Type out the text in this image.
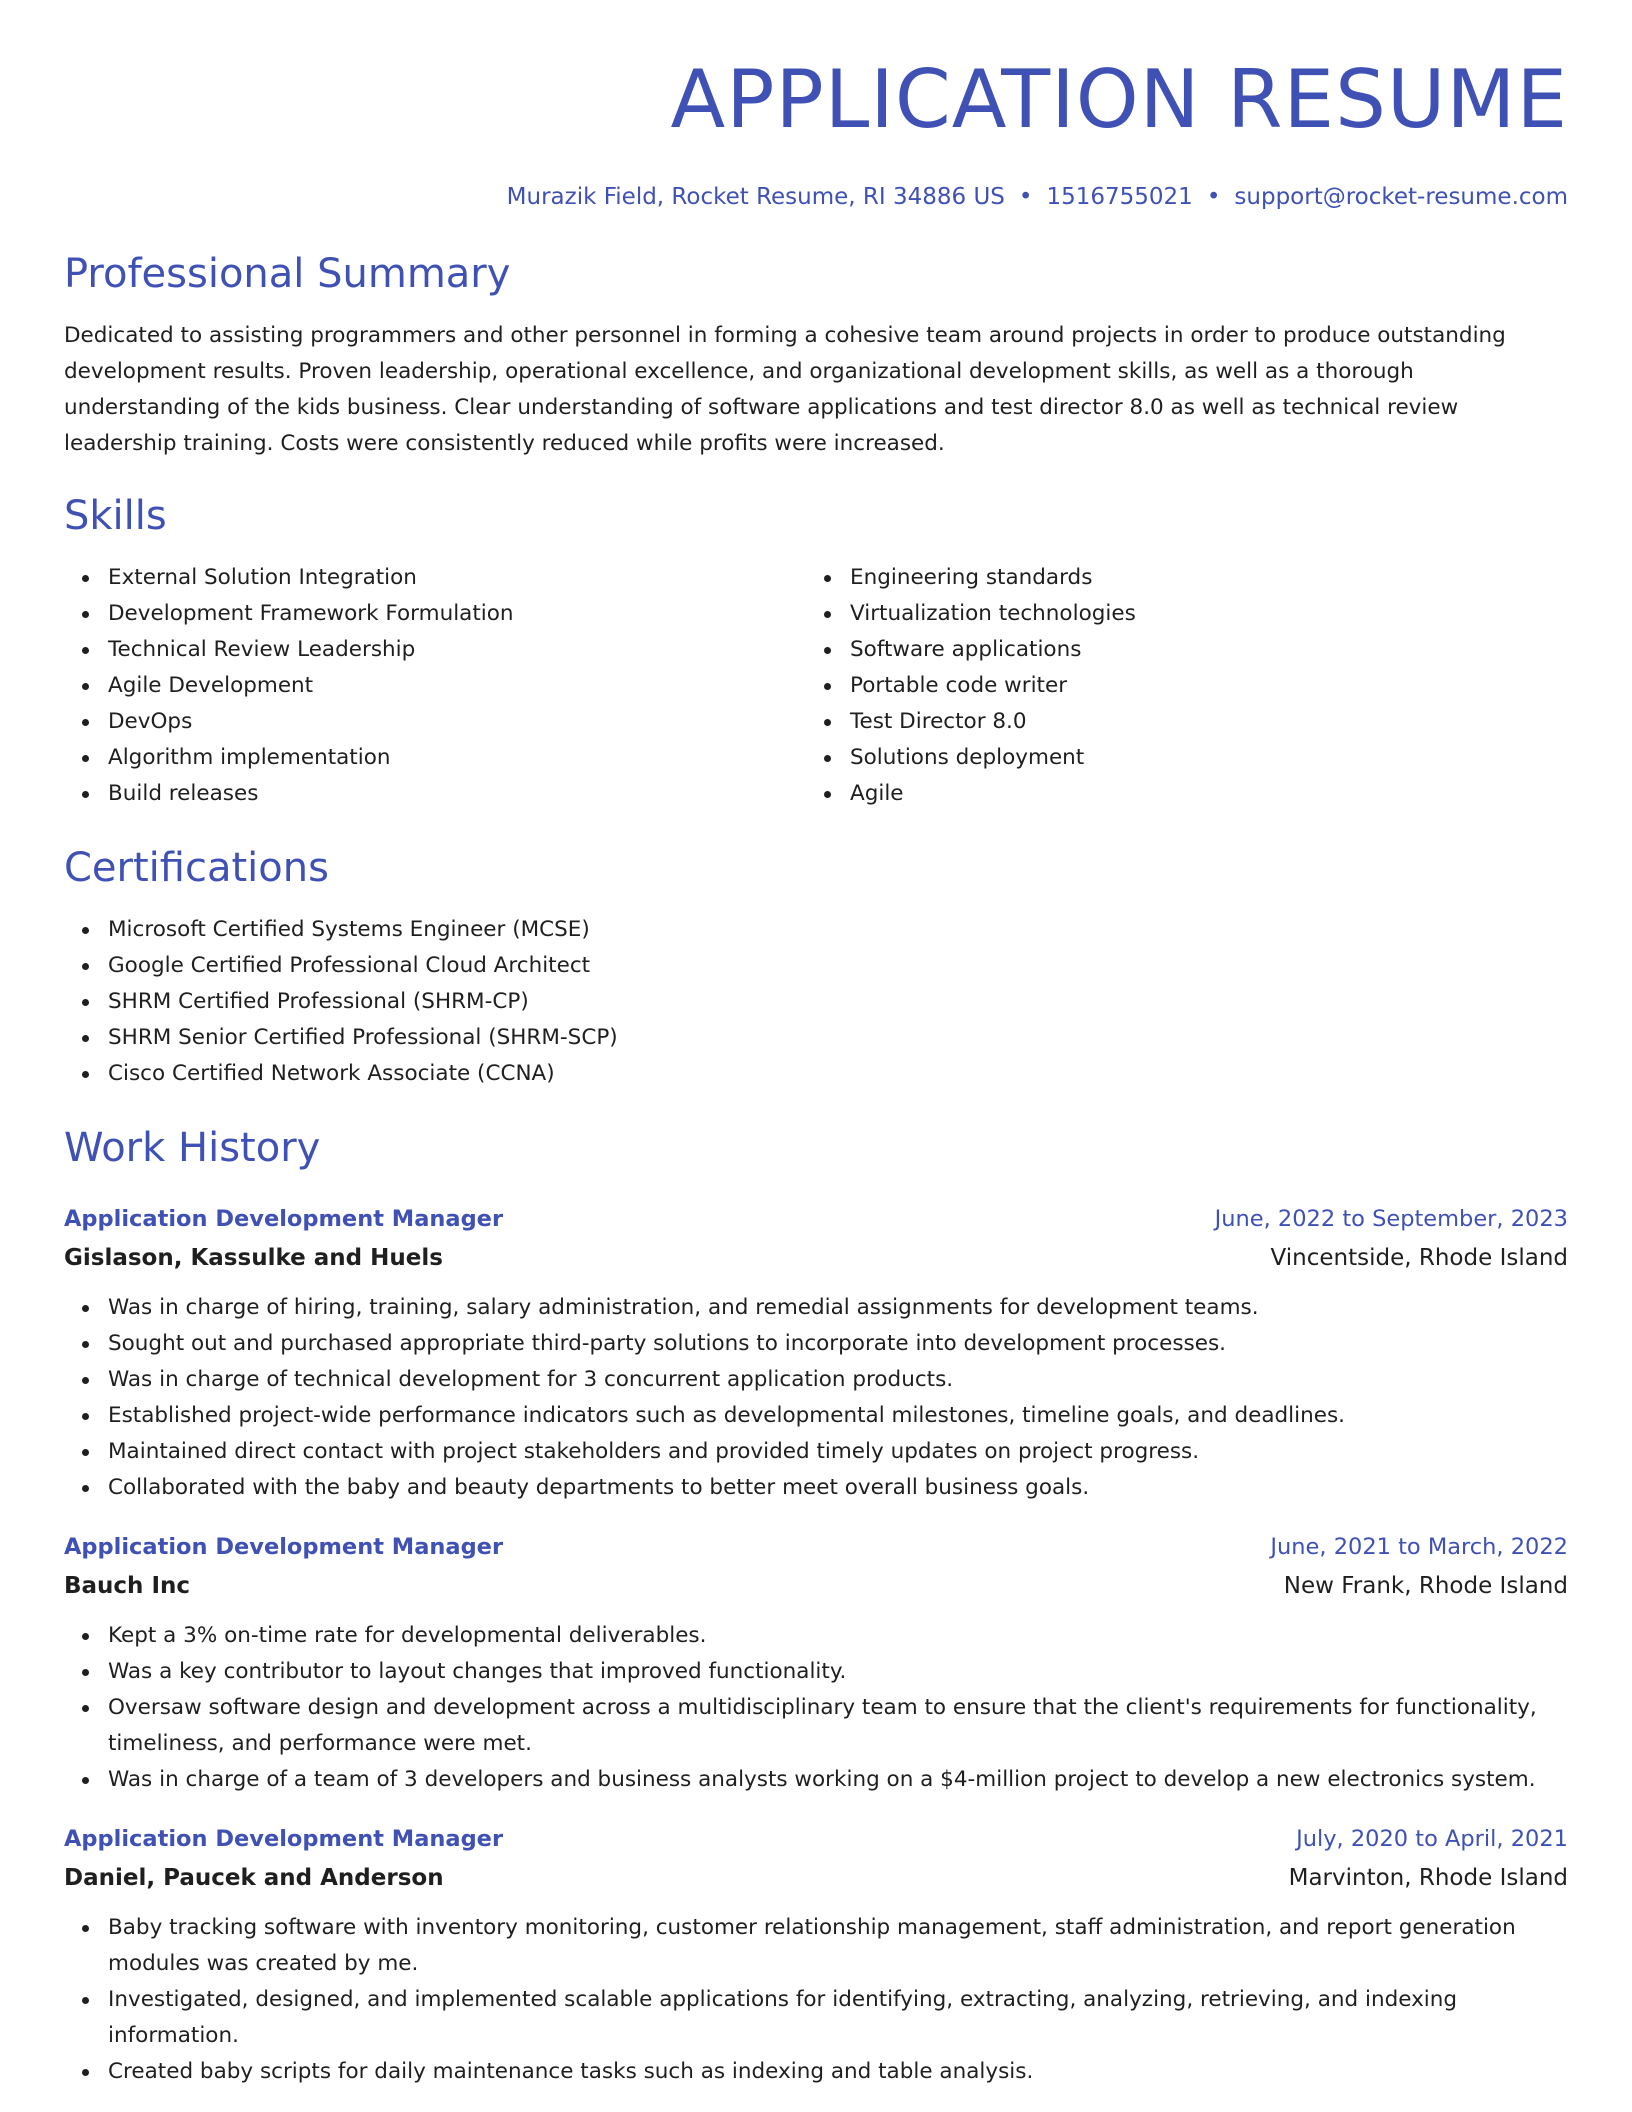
APPLICATION RESUME
Murazik Field, Rocket Resume, RI 34886 US • 1516755021 • support@rocket-resume.com
Professional Summary
Dedicated to assisting programmers and other personnel in forming a cohesive team around projects in order to produce outstanding development results. Proven leadership, operational excellence, and organizational development skills, as well as a thorough understanding of the kids business. Clear understanding of software applications and test director 8.0 as well as technical review leadership training. Costs were consistently reduced while profits were increased.
Skills
External Solution Integration
Development Framework Formulation
Technical Review Leadership
Agile Development
DevOps
Algorithm implementation
Build releases
Engineering standards
Virtualization technologies
Software applications
Portable code writer
Test Director 8.0
Solutions deployment
Agile
Certifications
Microsoft Certified Systems Engineer (MCSE)
Google Certified Professional Cloud Architect
SHRM Certified Professional (SHRM-CP)
SHRM Senior Certified Professional (SHRM-SCP)
Cisco Certified Network Associate (CCNA)
Work History
Application Development Manager	June, 2022 to September, 2023
Gislason, Kassulke and Huels	Vincentside, Rhode Island
Was in charge of hiring, training, salary administration, and remedial assignments for development teams.
Sought out and purchased appropriate third-party solutions to incorporate into development processes.
Was in charge of technical development for 3 concurrent application products.
Established project-wide performance indicators such as developmental milestones, timeline goals, and deadlines.
Maintained direct contact with project stakeholders and provided timely updates on project progress.
Collaborated with the baby and beauty departments to better meet overall business goals.
Application Development Manager	June, 2021 to March, 2022
Bauch Inc	New Frank, Rhode Island
Kept a 3% on-time rate for developmental deliverables.
Was a key contributor to layout changes that improved functionality.
Oversaw software design and development across a multidisciplinary team to ensure that the client's requirements for functionality, timeliness, and performance were met.
Was in charge of a team of 3 developers and business analysts working on a $4-million project to develop a new electronics system.
Application Development Manager	July, 2020 to April, 2021
Daniel, Paucek and Anderson	Marvinton, Rhode Island
Baby tracking software with inventory monitoring, customer relationship management, staff administration, and report generation modules was created by me.
Investigated, designed, and implemented scalable applications for identifying, extracting, analyzing, retrieving, and indexing information.
Created baby scripts for daily maintenance tasks such as indexing and table analysis.
